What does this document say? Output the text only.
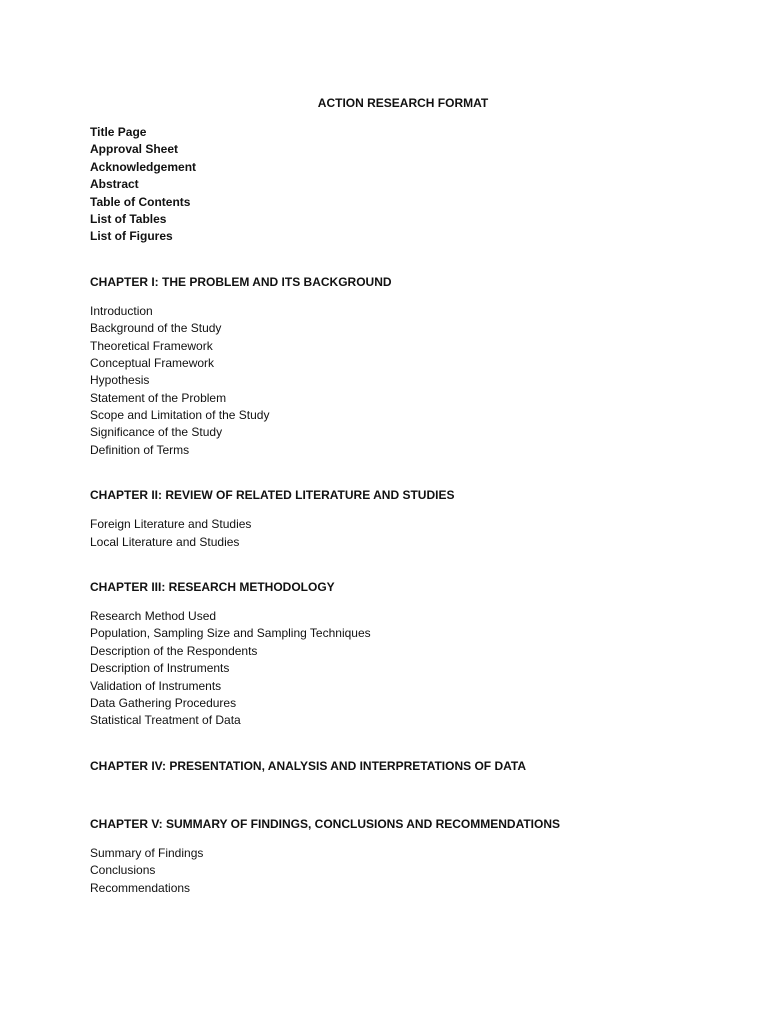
ACTION RESEARCH FORMAT
Title Page
Approval Sheet
Acknowledgement
Abstract
Table of Contents
List of Tables
List of Figures
CHAPTER I: THE PROBLEM AND ITS BACKGROUND
Introduction
Background of the Study
Theoretical Framework
Conceptual Framework
Hypothesis
Statement of the Problem
Scope and Limitation of the Study
Significance of the Study
Definition of Terms
CHAPTER II: REVIEW OF RELATED LITERATURE AND STUDIES
Foreign Literature and Studies
Local Literature and Studies
CHAPTER III: RESEARCH METHODOLOGY
Research Method Used
Population, Sampling Size and Sampling Techniques
Description of the Respondents
Description of Instruments
Validation of Instruments
Data Gathering Procedures
Statistical Treatment of Data
CHAPTER IV: PRESENTATION, ANALYSIS AND INTERPRETATIONS OF DATA
CHAPTER V: SUMMARY OF FINDINGS, CONCLUSIONS AND RECOMMENDATIONS
Summary of Findings
Conclusions
Recommendations
